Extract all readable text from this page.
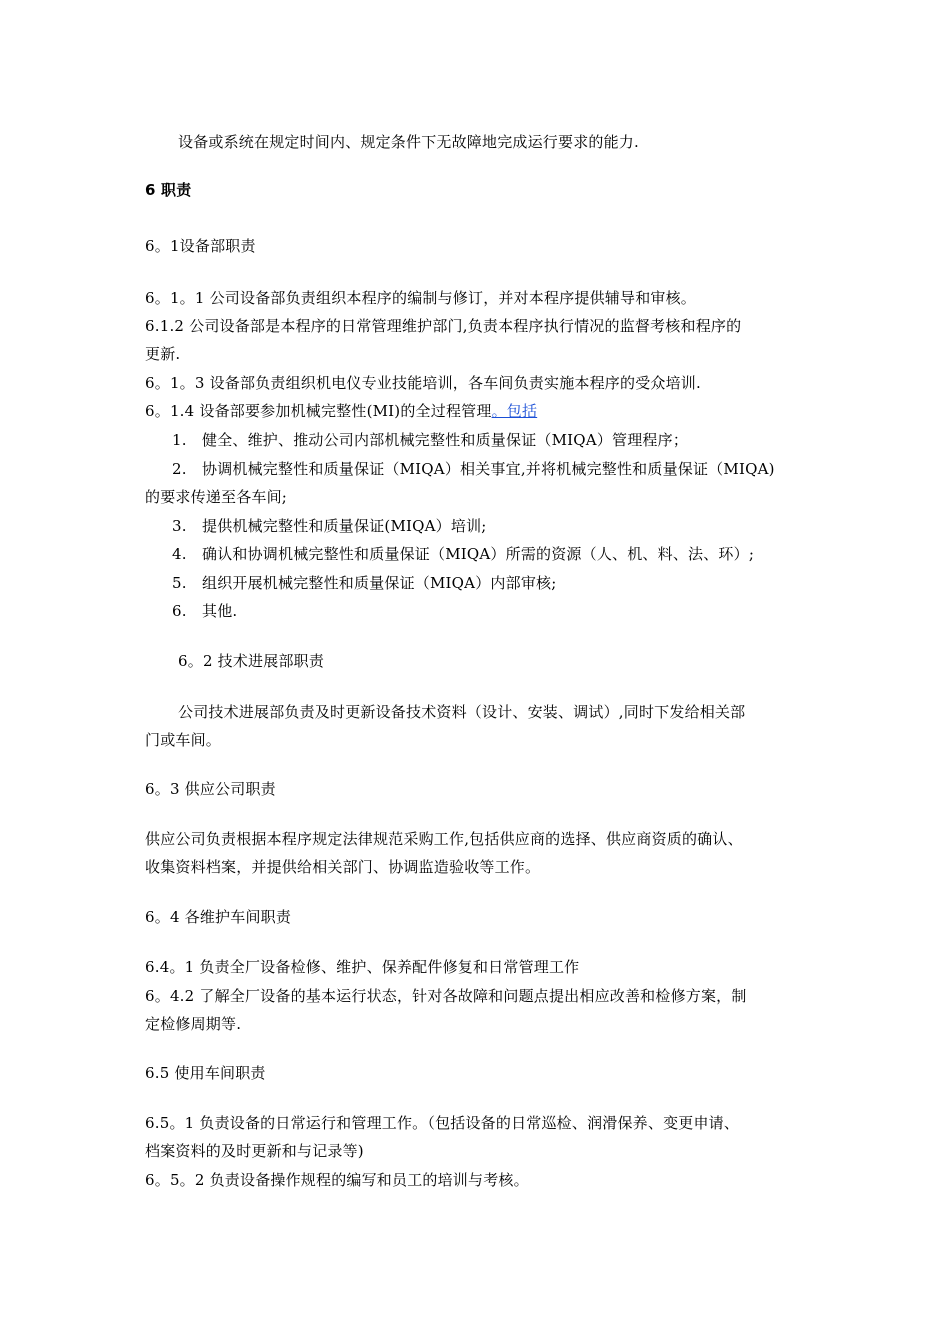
设备或系统在规定时间内、规定条件下无故障地完成运行要求的能力.
6 职责
6。1设备部职责
6。1。1 公司设备部负责组织本程序的编制与修订，并对本程序提供辅导和审核。
6.1.2 公司设备部是本程序的日常管理维护部门,负责本程序执行情况的监督考核和程序的
更新.
6。1。3 设备部负责组织机电仪专业技能培训，各车间负责实施本程序的受众培训.
6。1.4 设备部要参加机械完整性(MI)的全过程管理。包括
1. 健全、维护、推动公司内部机械完整性和质量保证（MIQA）管理程序；
2. 协调机械完整性和质量保证（MIQA）相关事宜,并将机械完整性和质量保证（MIQA)
的要求传递至各车间;
3. 提供机械完整性和质量保证(MIQA）培训;
4. 确认和协调机械完整性和质量保证（MIQA）所需的资源（人、机、料、法、环）;
5. 组织开展机械完整性和质量保证（MIQA）内部审核;
6. 其他.
6。2 技术进展部职责
公司技术进展部负责及时更新设备技术资料（设计、安装、调试）,同时下发给相关部
门或车间。
6。3 供应公司职责
供应公司负责根据本程序规定法律规范采购工作,包括供应商的选择、供应商资质的确认、
收集资料档案，并提供给相关部门、协调监造验收等工作。
6。4 各维护车间职责
6.4。1 负责全厂设备检修、维护、保养配件修复和日常管理工作
6。4.2 了解全厂设备的基本运行状态，针对各故障和问题点提出相应改善和检修方案，制
定检修周期等.
6.5 使用车间职责
6.5。1 负责设备的日常运行和管理工作。（包括设备的日常巡检、润滑保养、变更申请、
档案资料的及时更新和与记录等)
6。5。2 负责设备操作规程的编写和员工的培训与考核。
